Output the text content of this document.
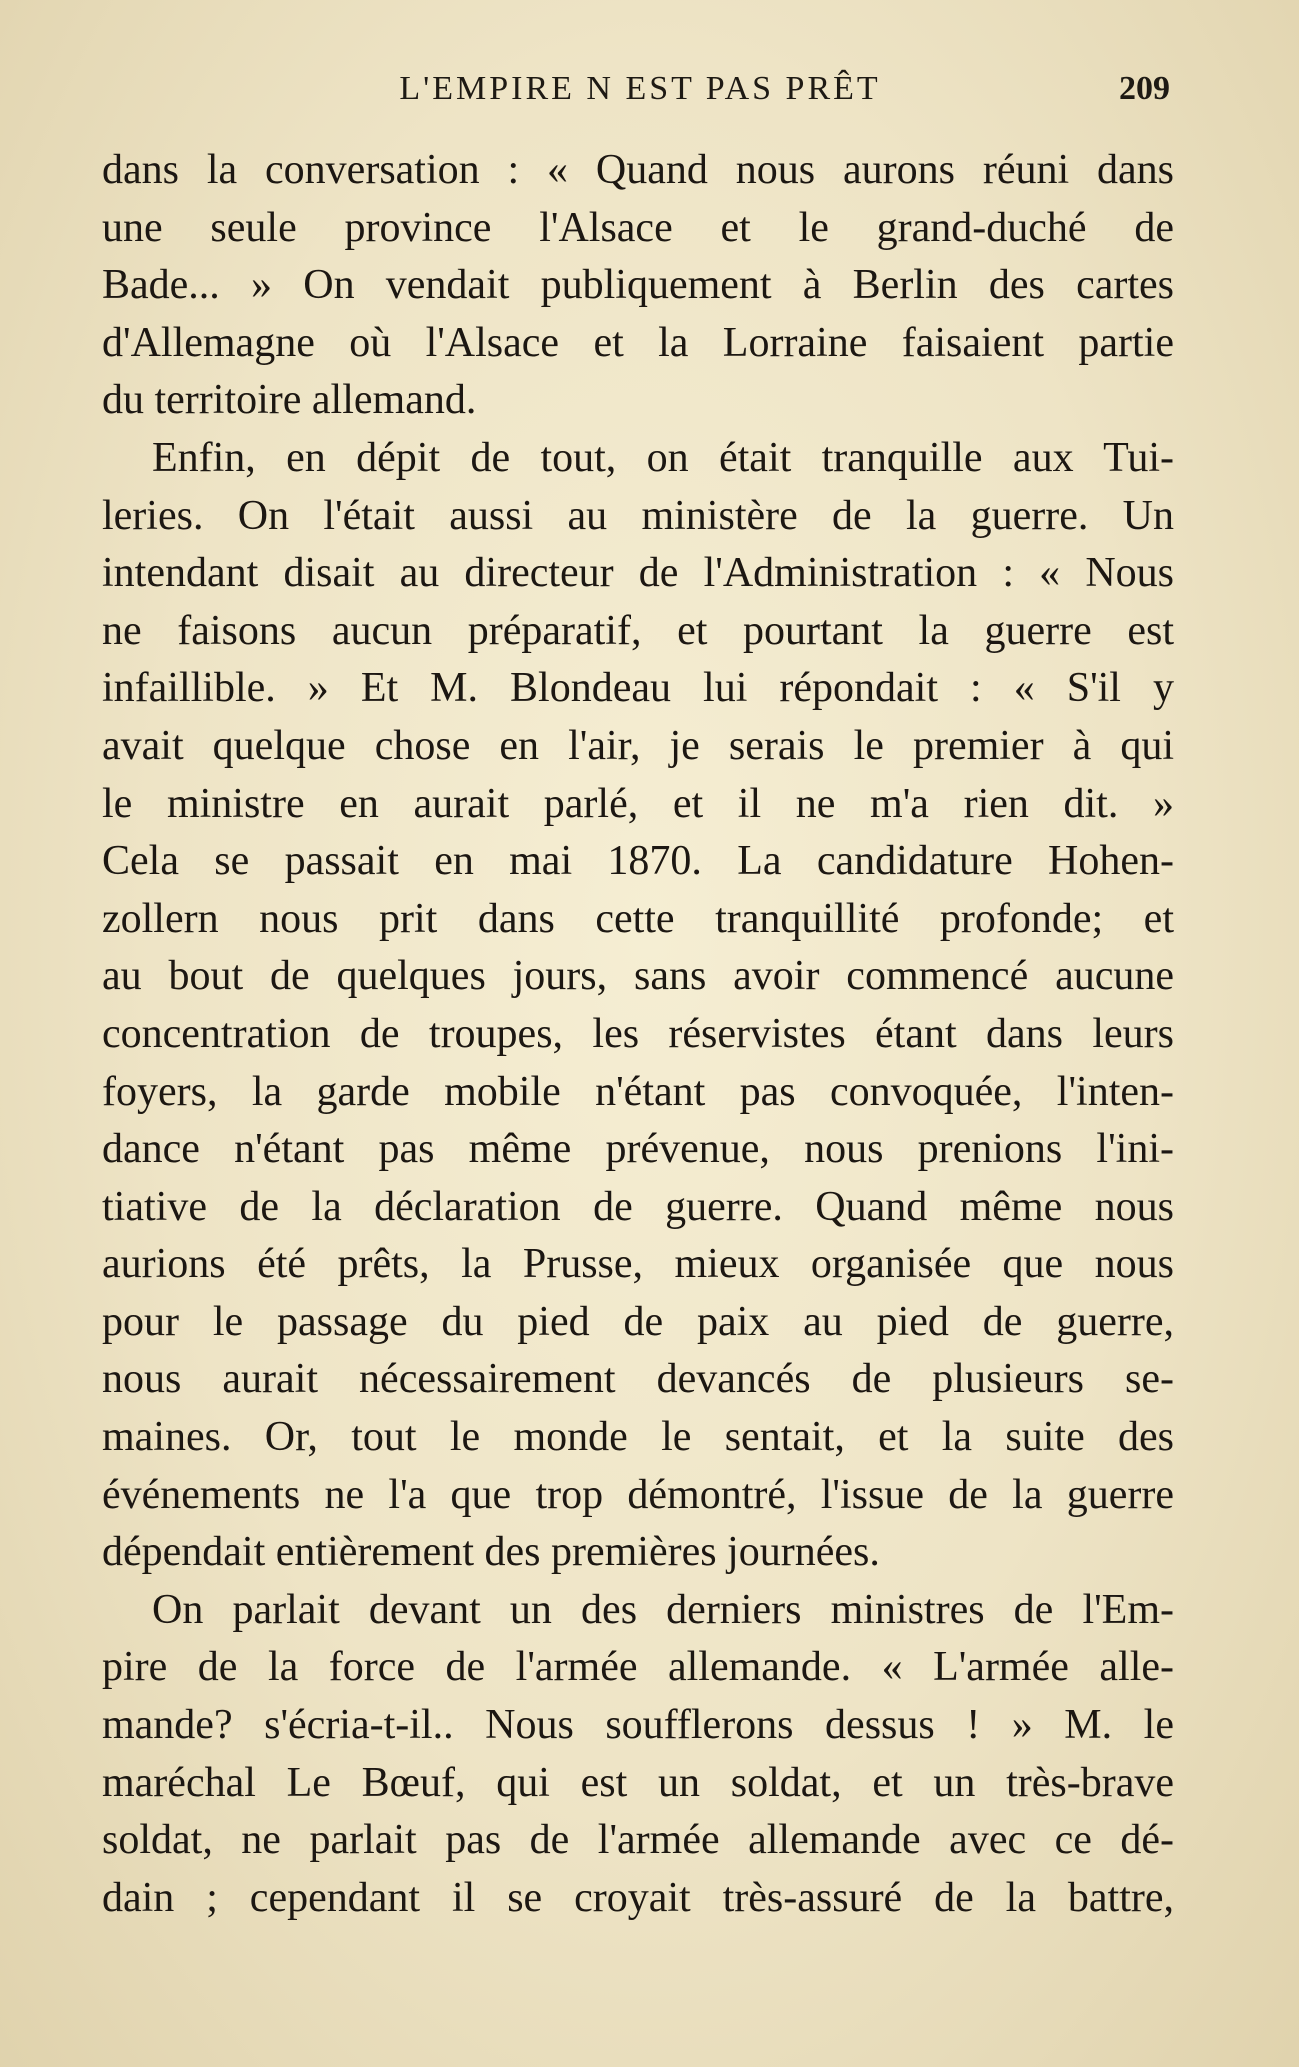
L'EMPIRE N EST PAS PRÊT	209
dans la conversation : « Quand nous aurons réuni dans
une seule province l'Alsace et le grand-duché de
Bade... » On vendait publiquement à Berlin des cartes
d'Allemagne où l'Alsace et la Lorraine faisaient partie
du territoire allemand.
Enfin, en dépit de tout, on était tranquille aux Tui-
leries. On l'était aussi au ministère de la guerre. Un
intendant disait au directeur de l'Administration : « Nous
ne faisons aucun préparatif, et pourtant la guerre est
infaillible. » Et M. Blondeau lui répondait : « S'il y
avait quelque chose en l'air, je serais le premier à qui
le ministre en aurait parlé, et il ne m'a rien dit. »
Cela se passait en mai 1870. La candidature Hohen-
zollern nous prit dans cette tranquillité profonde; et
au bout de quelques jours, sans avoir commencé aucune
concentration de troupes, les réservistes étant dans leurs
foyers, la garde mobile n'étant pas convoquée, l'inten-
dance n'étant pas même prévenue, nous prenions l'ini-
tiative de la déclaration de guerre. Quand même nous
aurions été prêts, la Prusse, mieux organisée que nous
pour le passage du pied de paix au pied de guerre,
nous aurait nécessairement devancés de plusieurs se-
maines. Or, tout le monde le sentait, et la suite des
événements ne l'a que trop démontré, l'issue de la guerre
dépendait entièrement des premières journées.
On parlait devant un des derniers ministres de l'Em-
pire de la force de l'armée allemande. « L'armée alle-
mande? s'écria-t-il.. Nous soufflerons dessus ! » M. le
maréchal Le Bœuf, qui est un soldat, et un très-brave
soldat, ne parlait pas de l'armée allemande avec ce dé-
dain ; cependant il se croyait très-assuré de la battre,
